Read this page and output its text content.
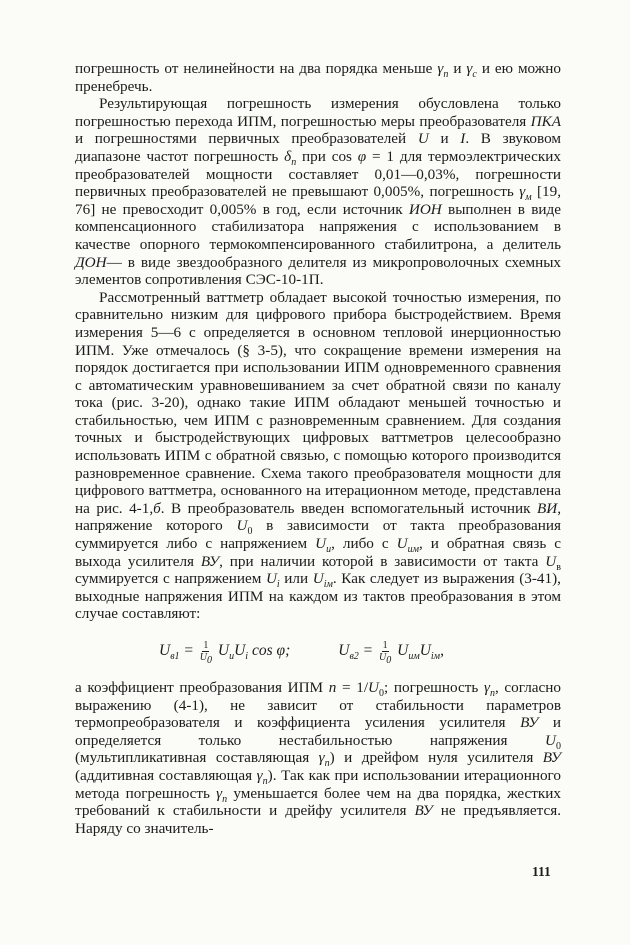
погрешность от нелинейности на два порядка меньше $\gamma_п$ и $\gamma_с$ и ею можно пренебречь.

Результирующая погрешность измерения обусловлена только погрешностью перехода ИПМ, погрешностью меры преобразователя ПКА и погрешностями первичных преобразователей U и I. В звуковом диапазоне частот погрешность $\delta_п$ при cos φ = 1 для термоэлектрических преобразователей мощности составляет 0,01—0,03%, погрешности первичных преобразователей не превышают 0,005%, погрешность $\gamma_м$ [19, 76] не превосходит 0,005% в год, если источник ИОН выполнен в виде компенсационного стабилизатора напряжения с использованием в качестве опорного термокомпенсированного стабилитрона, а делитель ДОН— в виде звездообразного делителя из микропроволочных схемных элементов сопротивления СЭС-10-1П.

Рассмотренный ваттметр обладает высокой точностью измерения, по сравнительно низким для цифрового прибора быстродействием. Время измерения 5—6 с определяется в основном тепловой инерционностью ИПМ. Уже отмечалось (§ 3-5), что сокращение времени измерения на порядок достигается при использовании ИПМ одновременного сравнения с автоматическим уравновешиванием за счет обратной связи по каналу тока (рис. 3-20), однако такие ИПМ обладают меньшей точностью и стабильностью, чем ИПМ с разновременным сравнением. Для создания точных и быстродействующих цифровых ваттметров целесообразно использовать ИПМ с обратной связью, с помощью которого производится разновременное сравнение. Схема такого преобразователя мощности для цифрового ваттметра, основанного на итерационном методе, представлена на рис. 4-1,б. В преобразователь введен вспомогательный источник ВИ, напряжение которого $U_0$ в зависимости от такта преобразования суммируется либо с напряжением $U_и$, либо с $U_{им}$, и обратная связь с выхода усилителя ВУ, при наличии которой в зависимости от такта $U_в$ суммируется с напряжением $U_i$ или $U_{iм}$. Как следует из выражения (3-41), выходные напряжения ИПМ на каждом из тактов преобразования в этом случае составляют:

$U_{в1} = \frac{1}{U_0} U_иU_i$ cos φ;	$U_{в2} = \frac{1}{U_0} U_{им}U_{iм}$,

а коэффициент преобразования ИПМ $n = 1/U_0$; погрешность $\gamma_п$, согласно выражению (4-1), не зависит от стабильности параметров термопреобразователя и коэффициента усиления усилителя ВУ и определяется только нестабильностью напряжения $U_0$ (мультипликативная составляющая $\gamma_п$) и дрейфом нуля усилителя ВУ (аддитивная составляющая $\gamma_п$). Так как при использовании итерационного метода погрешность $\gamma_п$ уменьшается более чем на два порядка, жестких требований к стабильности и дрейфу усилителя ВУ не предъявляется. Наряду со значитель-

111
